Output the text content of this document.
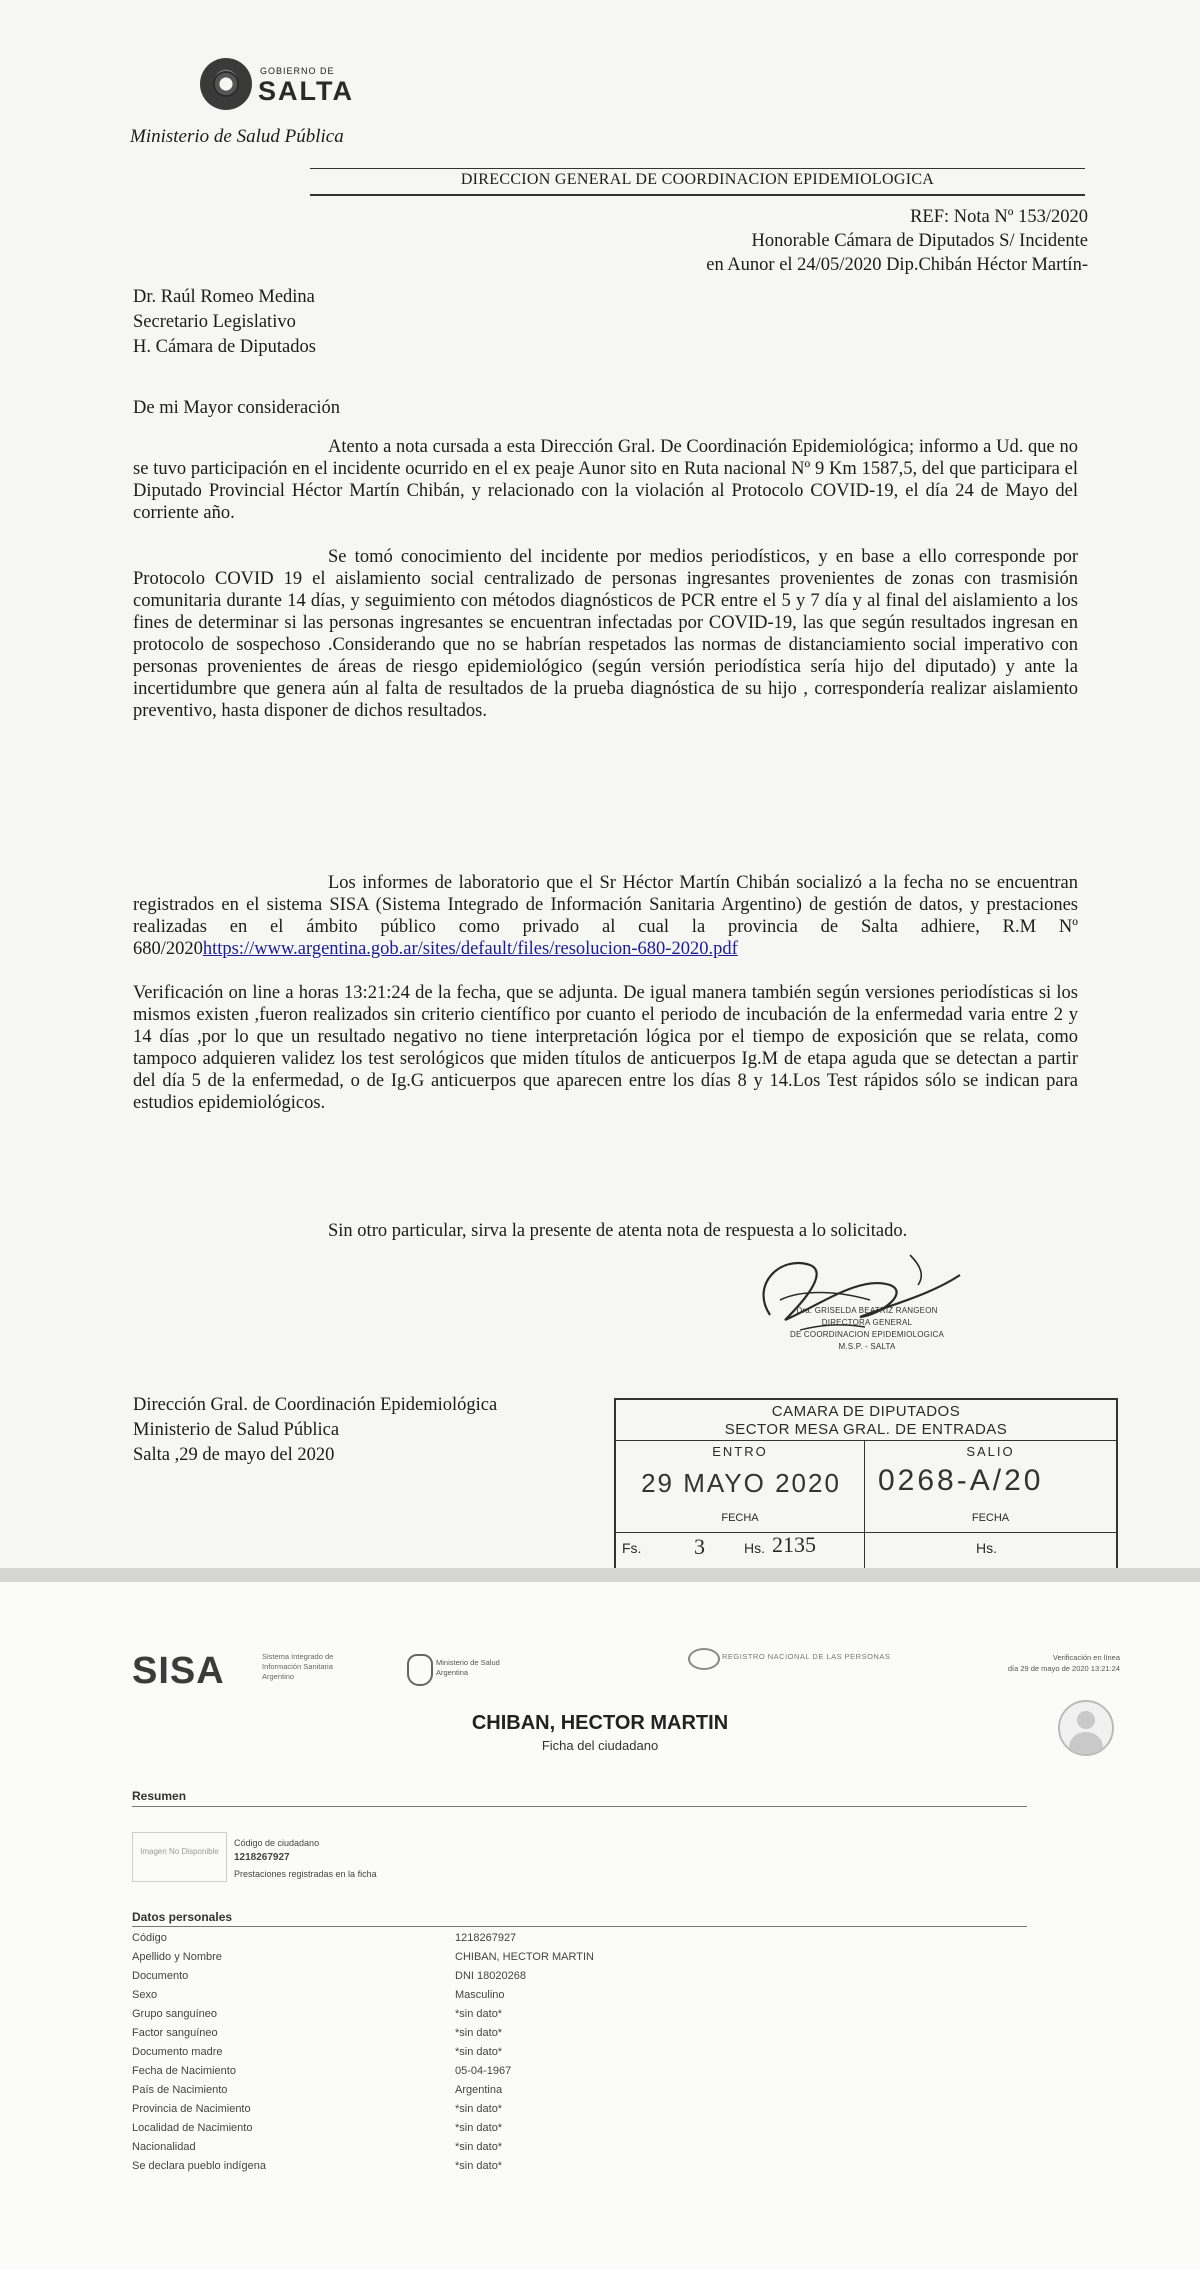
GOBIERNO DE
SALTA
Ministerio de Salud Pública
DIRECCION GENERAL DE COORDINACION EPIDEMIOLOGICA
REF: Nota Nº 153/2020
Honorable Cámara de Diputados S/ Incidente
en Aunor el 24/05/2020 Dip.Chibán Héctor Martín-
Dr. Raúl Romeo Medina
Secretario Legislativo
H. Cámara de Diputados
De mi Mayor consideración
Atento a nota cursada a esta Dirección Gral. De Coordinación Epidemiológica; informo a Ud. que no se tuvo participación en el incidente ocurrido en el ex peaje Aunor sito en Ruta nacional Nº 9 Km 1587,5, del que participara el Diputado Provincial Héctor Martín Chibán, y relacionado con la violación al Protocolo COVID-19, el día 24 de Mayo del corriente año.
Se tomó conocimiento del incidente por medios periodísticos, y en base a ello corresponde por Protocolo COVID 19 el aislamiento social centralizado de personas ingresantes provenientes de zonas con trasmisión comunitaria durante 14 días, y seguimiento con métodos diagnósticos de PCR entre el 5 y 7 día y al final del aislamiento a los fines de determinar si las personas ingresantes se encuentran infectadas por COVID-19, las que según resultados ingresan en protocolo de sospechoso .Considerando que no se habrían respetados las normas de distanciamiento social imperativo con personas provenientes de áreas de riesgo epidemiológico (según versión periodística sería hijo del diputado) y ante la incertidumbre que genera aún al falta de resultados de la prueba diagnóstica de su hijo , correspondería realizar aislamiento preventivo, hasta disponer de dichos resultados.
Los informes de laboratorio que el Sr Héctor Martín Chibán socializó a la fecha no se encuentran registrados en el sistema SISA (Sistema Integrado de Información Sanitaria Argentino) de gestión de datos, y prestaciones realizadas en el ámbito público como privado al cual la provincia de Salta adhiere, R.M Nº 680/2020https://www.argentina.gob.ar/sites/default/files/resolucion-680-2020.pdf
Verificación on line a horas 13:21:24 de la fecha, que se adjunta. De igual manera también según versiones periodísticas si los mismos existen ,fueron realizados sin criterio científico por cuanto el periodo de incubación de la enfermedad varia entre 2 y 14 días ,por lo que un resultado negativo no tiene interpretación lógica por el tiempo de exposición que se relata, como tampoco adquieren validez los test serológicos que miden títulos de anticuerpos Ig.M de etapa aguda que se detectan a partir del día 5 de la enfermedad, o de Ig.G anticuerpos que aparecen entre los días 8 y 14.Los Test rápidos sólo se indican para estudios epidemiológicos.
Sin otro particular, sirva la presente de atenta nota de respuesta a lo solicitado.
Dra. GRISELDA BEATRIZ RANGEON
DIRECTORA GENERAL
DE COORDINACION EPIDEMIOLOGICA
M.S.P. - SALTA
Dirección Gral. de Coordinación Epidemiológica
Ministerio de Salud Pública
Salta ,29 de mayo del 2020
CAMARA DE DIPUTADOS
SECTOR MESA GRAL. DE ENTRADAS
ENTRO	SALIO
29 MAYO 2020	0268-A/20
FECHA	FECHA
Fs. 3	Hs. 2135	Hs.
SISA	Sistema Integrado de Información Sanitaria Argentino
Ministerio de Salud Argentina
REGISTRO NACIONAL DE LAS PERSONAS	Verificación en línea
día 29 de mayo de 2020 13:21:24
CHIBAN, HECTOR MARTIN
Ficha del ciudadano
Resumen
Imagen No Disponible
Código de ciudadano
1218267927
Prestaciones registradas en la ficha
Datos personales
Código	1218267927
Apellido y Nombre	CHIBAN, HECTOR MARTIN
Documento	DNI 18020268
Sexo	Masculino
Grupo sanguíneo	*sin dato*
Factor sanguíneo	*sin dato*
Documento madre	*sin dato*
Fecha de Nacimiento	05-04-1967
País de Nacimiento	Argentina
Provincia de Nacimiento	*sin dato*
Localidad de Nacimiento	*sin dato*
Nacionalidad	*sin dato*
Se declara pueblo indígena	*sin dato*
